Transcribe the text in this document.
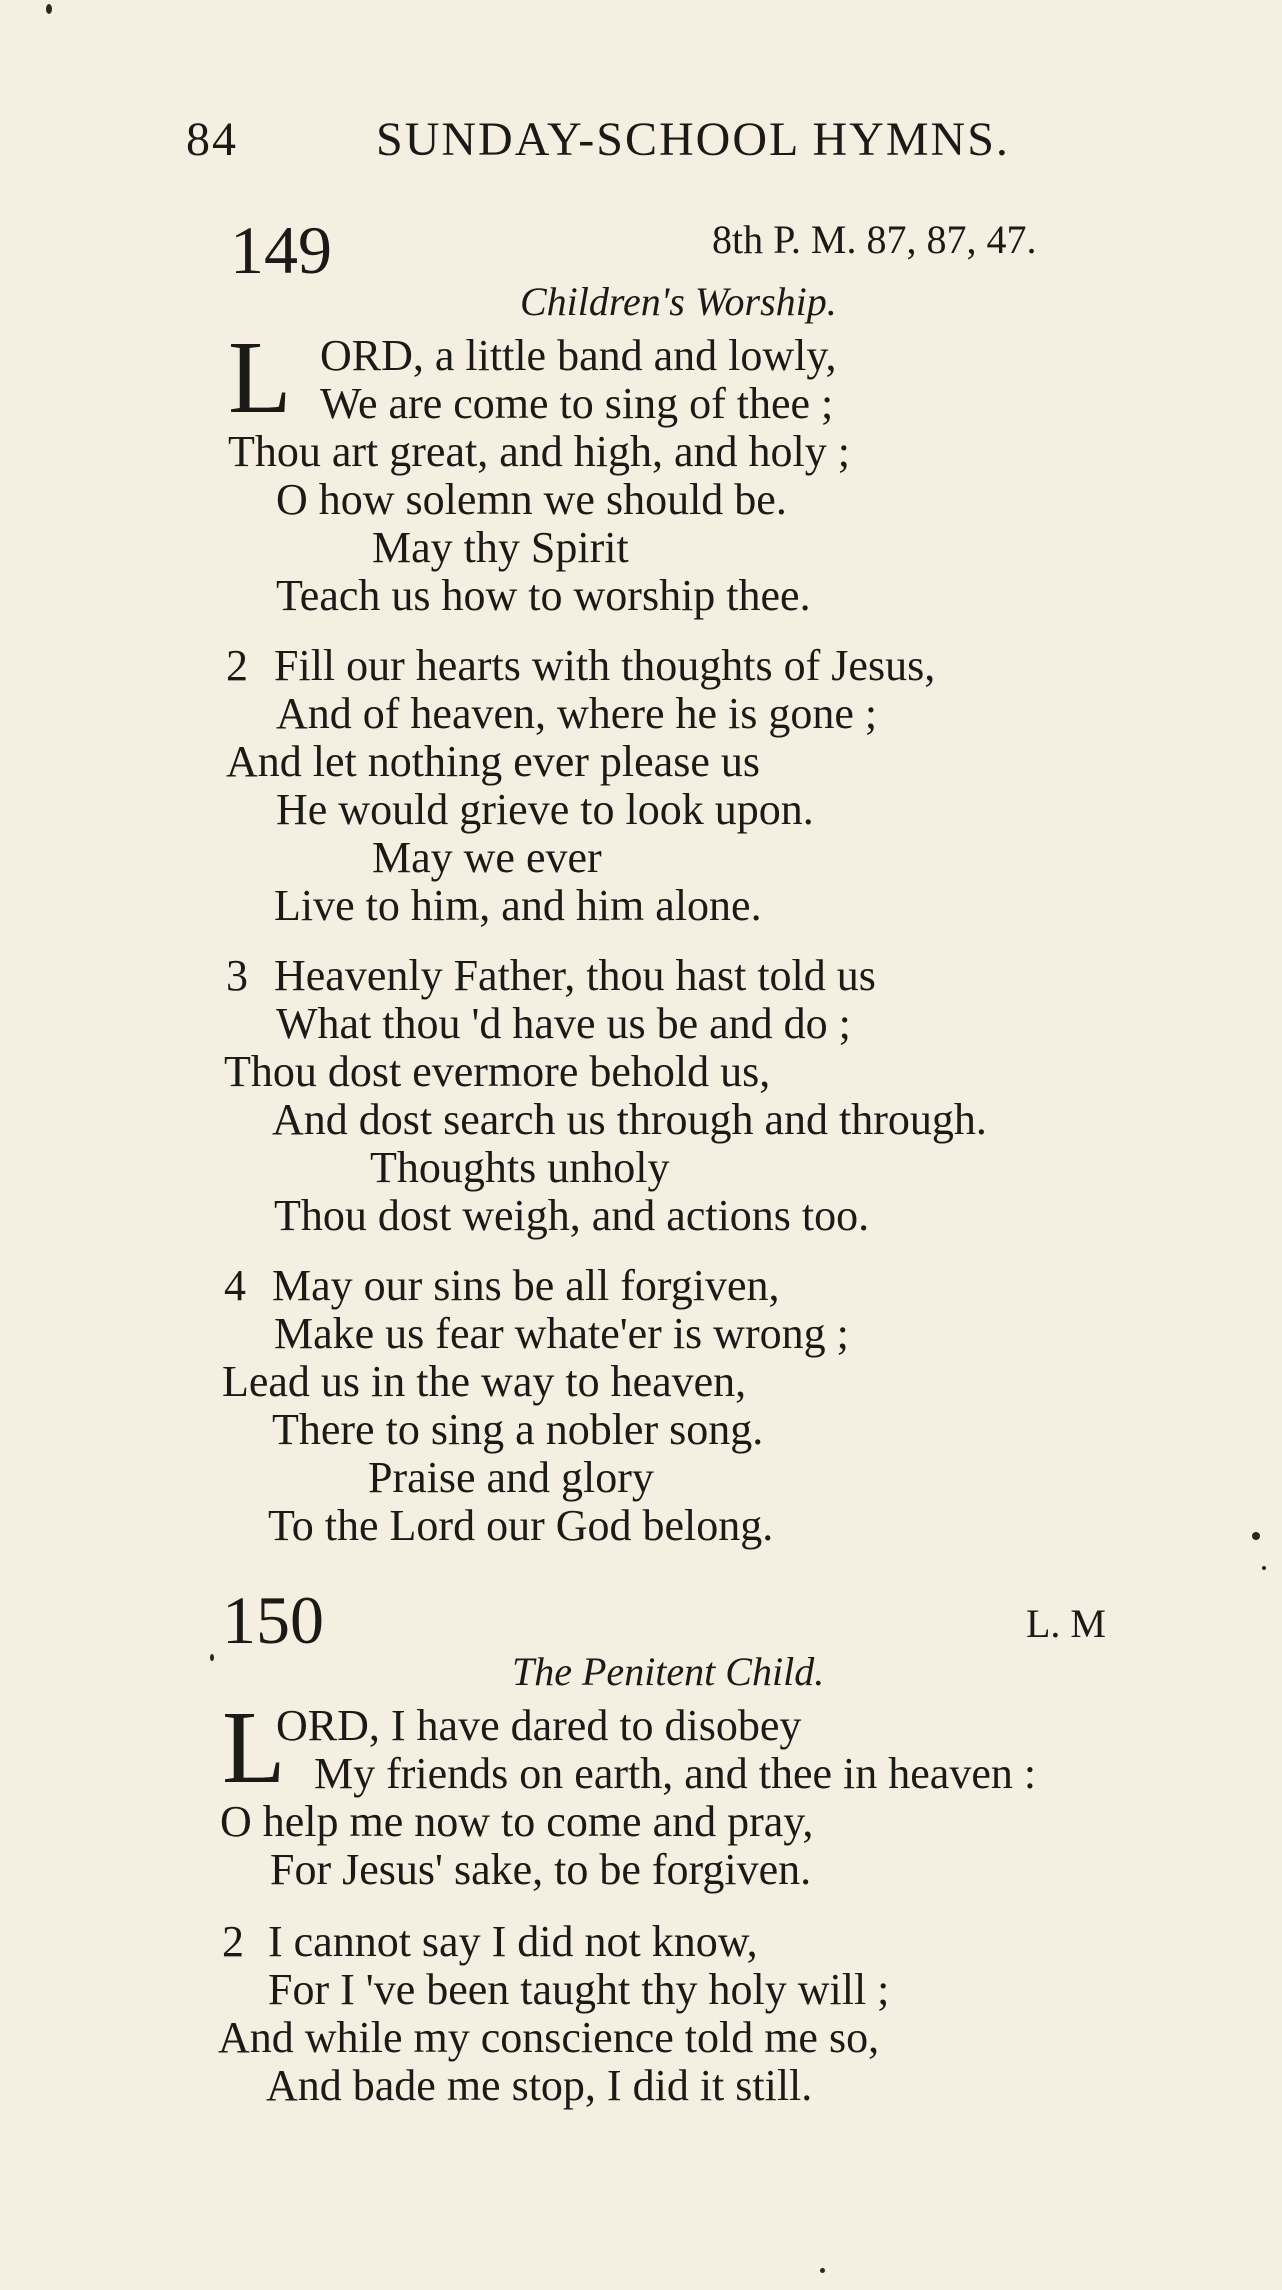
84	SUNDAY-SCHOOL HYMNS.
149	8th P. M. 87, 87, 47.
Children's Worship.
L ORD, a little band and lowly,
We are come to sing of thee ;
Thou art great, and high, and holy ;
O how solemn we should be.
May thy Spirit
Teach us how to worship thee.
2 Fill our hearts with thoughts of Jesus,
And of heaven, where he is gone ;
And let nothing ever please us
He would grieve to look upon.
May we ever
Live to him, and him alone.
3 Heavenly Father, thou hast told us
What thou 'd have us be and do ;
Thou dost evermore behold us,
And dost search us through and through.
Thoughts unholy
Thou dost weigh, and actions too.
4 May our sins be all forgiven,
Make us fear whate'er is wrong ;
Lead us in the way to heaven,
There to sing a nobler song.
Praise and glory
To the Lord our God belong.
150	L. M
The Penitent Child.
L
ORD, I have dared to disobey
My friends on earth, and thee in heaven :
O help me now to come and pray,
For Jesus' sake, to be forgiven.
2 I cannot say I did not know,
For I 've been taught thy holy will ;
And while my conscience told me so,
And bade me stop, I did it still.
